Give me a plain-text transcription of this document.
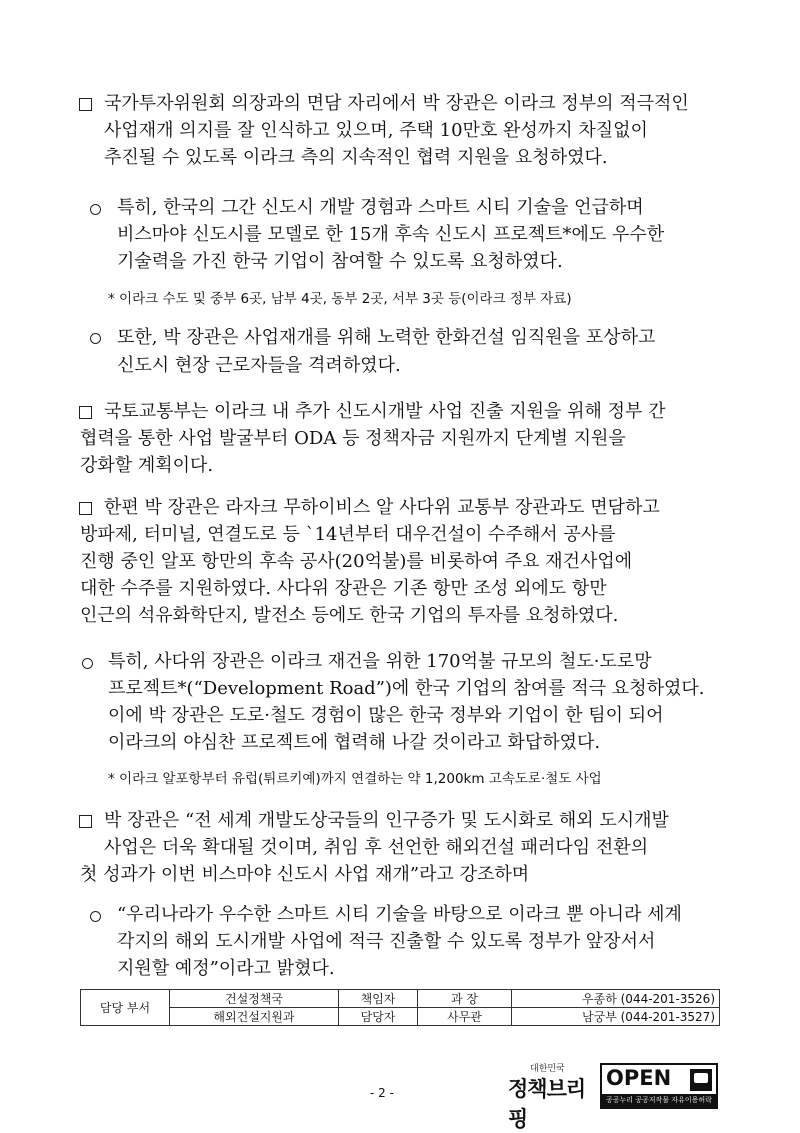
국가투자위원회 의장과의 면담 자리에서 박 장관은 이라크 정부의 적극적인
사업재개 의지를 잘 인식하고 있으며, 주택 10만호 완성까지 차질없이
추진될 수 있도록 이라크 측의 지속적인 협력 지원을 요청하였다.
특히, 한국의 그간 신도시 개발 경험과 스마트 시티 기술을 언급하며
비스마야 신도시를 모델로 한 15개 후속 신도시 프로젝트*에도 우수한
기술력을 가진 한국 기업이 참여할 수 있도록 요청하였다.
* 이라크 수도 및 중부 6곳, 남부 4곳, 동부 2곳, 서부 3곳 등(이라크 정부 자료)
또한, 박 장관은 사업재개를 위해 노력한 한화건설 임직원을 포상하고
신도시 현장 근로자들을 격려하였다.
국토교통부는 이라크 내 추가 신도시개발 사업 진출 지원을 위해 정부 간
협력을 통한 사업 발굴부터 ODA 등 정책자금 지원까지 단계별 지원을
강화할 계획이다.
한편 박 장관은 라자크 무하이비스 알 사다위 교통부 장관과도 면담하고
방파제, 터미널, 연결도로 등 `14년부터 대우건설이 수주해서 공사를
진행 중인 알포 항만의 후속 공사(20억불)를 비롯하여 주요 재건사업에
대한 수주를 지원하였다. 사다위 장관은 기존 항만 조성 외에도 항만
인근의 석유화학단지, 발전소 등에도 한국 기업의 투자를 요청하였다.
특히, 사다위 장관은 이라크 재건을 위한 170억불 규모의 철도·도로망
프로젝트*(“Development Road”)에 한국 기업의 참여를 적극 요청하였다.
이에 박 장관은 도로·철도 경험이 많은 한국 정부와 기업이 한 팀이 되어
이라크의 야심찬 프로젝트에 협력해 나갈 것이라고 화답하였다.
* 이라크 알포항부터 유럽(튀르키예)까지 연결하는 약 1,200km 고속도로·철도 사업
박 장관은 “전 세계 개발도상국들의 인구증가 및 도시화로 해외 도시개발
사업은 더욱 확대될 것이며, 취임 후 선언한 해외건설 패러다임 전환의
첫 성과가 이번 비스마야 신도시 사업 재개”라고 강조하며
“우리나라가 우수한 스마트 시티 기술을 바탕으로 이라크 뿐 아니라 세계
각지의 해외 도시개발 사업에 적극 진출할 수 있도록 정부가 앞장서서
지원할 예정”이라고 밝혔다.
담당 부서	건설정책국	책임자	과 장	우종하 (044-201-3526)
	해외건설지원과	담당자	사무관	남궁부 (044-201-3527)
- 2 -
대한민국
정책브리핑
OPEN
공공누리 공공저작물 자유이용허락
